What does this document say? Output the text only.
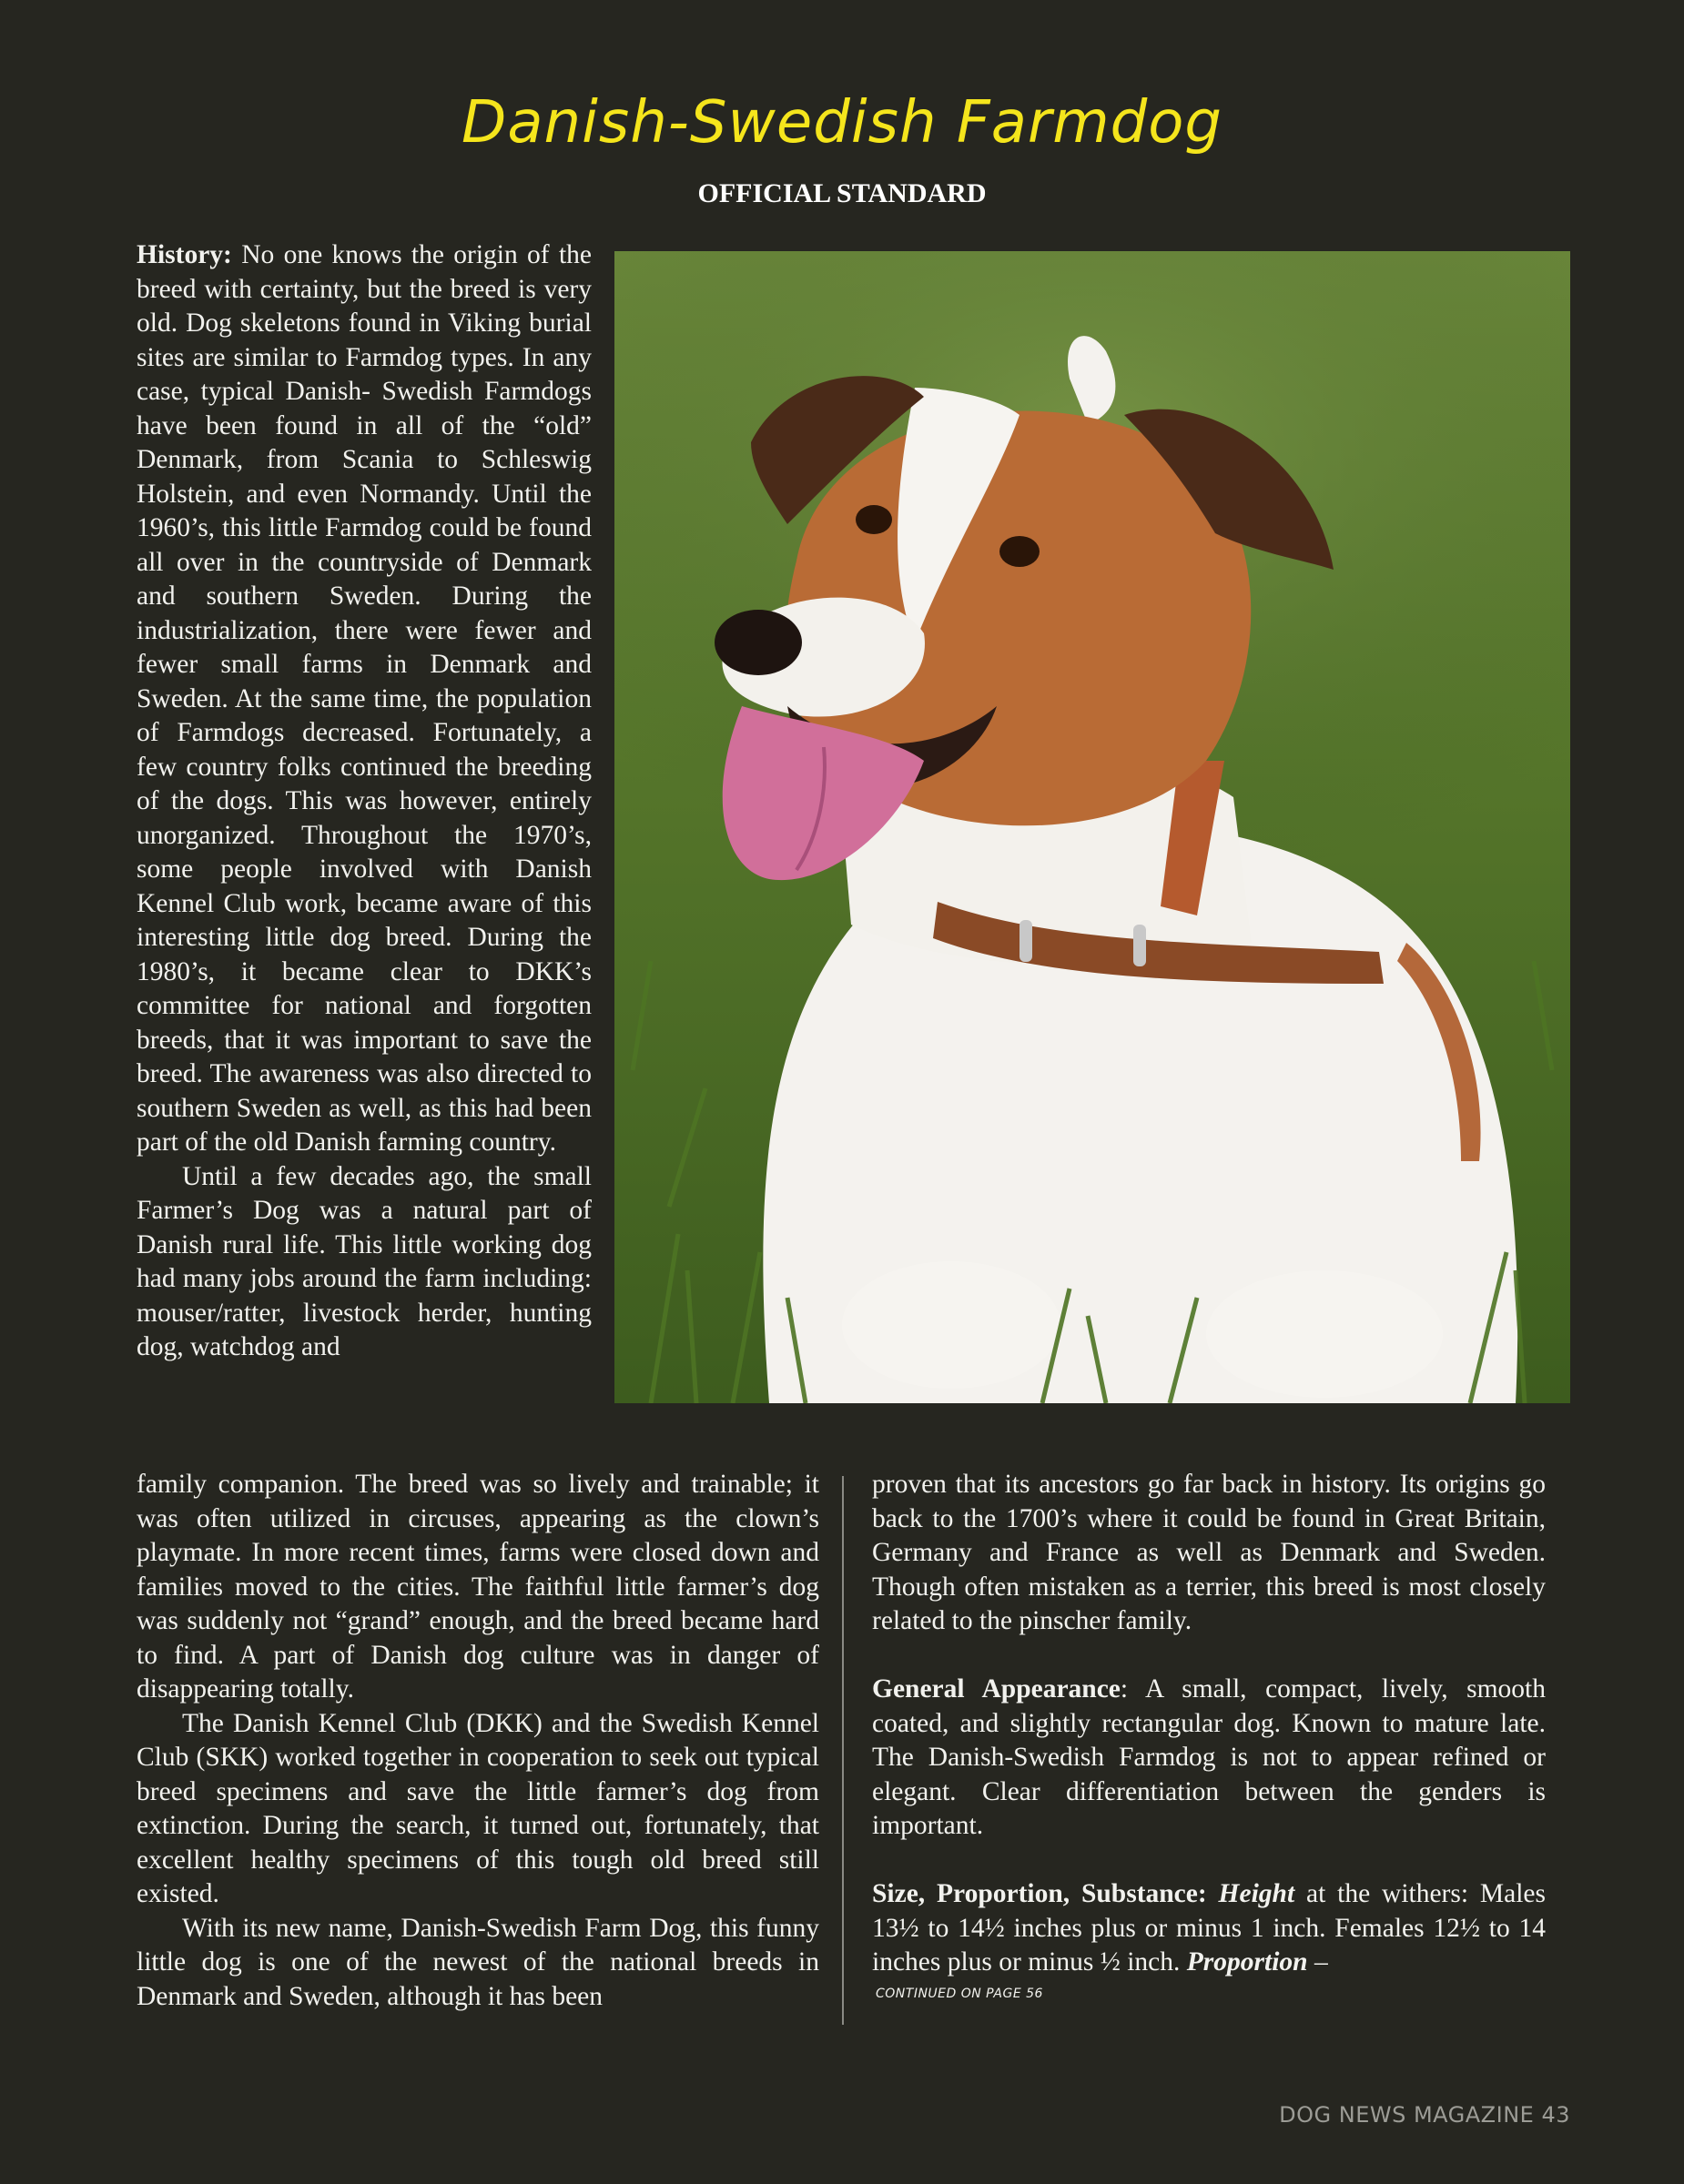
Danish-Swedish Farmdog
OFFICIAL STANDARD

History: No one knows the origin of the breed with certainty, but the breed is very old. Dog skeletons found in Viking burial sites are similar to Farmdog types. In any case, typical Danish- Swedish Farmdogs have been found in all of the “old” Denmark, from Scania to Schleswig Holstein, and even Normandy. Until the 1960’s, this little Farmdog could be found all over in the countryside of Denmark and southern Sweden. During the industrialization, there were fewer and fewer small farms in Denmark and Sweden. At the same time, the population of Farmdogs decreased. Fortunately, a few country folks continued the breeding of the dogs. This was however, entirely unorganized. Throughout the 1970’s, some people involved with Danish Kennel Club work, became aware of this interesting little dog breed. During the 1980’s, it became clear to DKK’s committee for national and forgotten breeds, that it was important to save the breed. The awareness was also directed to southern Sweden as well, as this had been part of the old Danish farming country.

Until a few decades ago, the small Farmer’s Dog was a natural part of Danish rural life. This little working dog had many jobs around the farm including: mouser/ratter, livestock herder, hunting dog, watchdog and

family companion. The breed was so lively and trainable; it was often utilized in circuses, appearing as the clown’s playmate. In more recent times, farms were closed down and families moved to the cities. The faithful little farmer’s dog was suddenly not “grand” enough, and the breed became hard to find. A part of Danish dog culture was in danger of disappearing totally.

The Danish Kennel Club (DKK) and the Swedish Kennel Club (SKK) worked together in cooperation to seek out typical breed specimens and save the little farmer’s dog from extinction. During the search, it turned out, fortunately, that excellent healthy specimens of this tough old breed still existed.

With its new name, Danish-Swedish Farm Dog, this funny little dog is one of the newest of the national breeds in Denmark and Sweden, although it has been

proven that its ancestors go far back in history. Its origins go back to the 1700’s where it could be found in Great Britain, Germany and France as well as Denmark and Sweden. Though often mistaken as a terrier, this breed is most closely related to the pinscher family.

General Appearance: A small, compact, lively, smooth coated, and slightly rectangular dog. Known to mature late. The Danish-Swedish Farmdog is not to appear refined or elegant. Clear differentiation between the genders is important.

Size, Proportion, Substance: Height at the withers: Males 13½ to 14½ inches plus or minus 1 inch. Females 12½ to 14 inches plus or minus ½ inch. Proportion –

CONTINUED ON PAGE 56
DOG NEWS MAGAZINE 43
